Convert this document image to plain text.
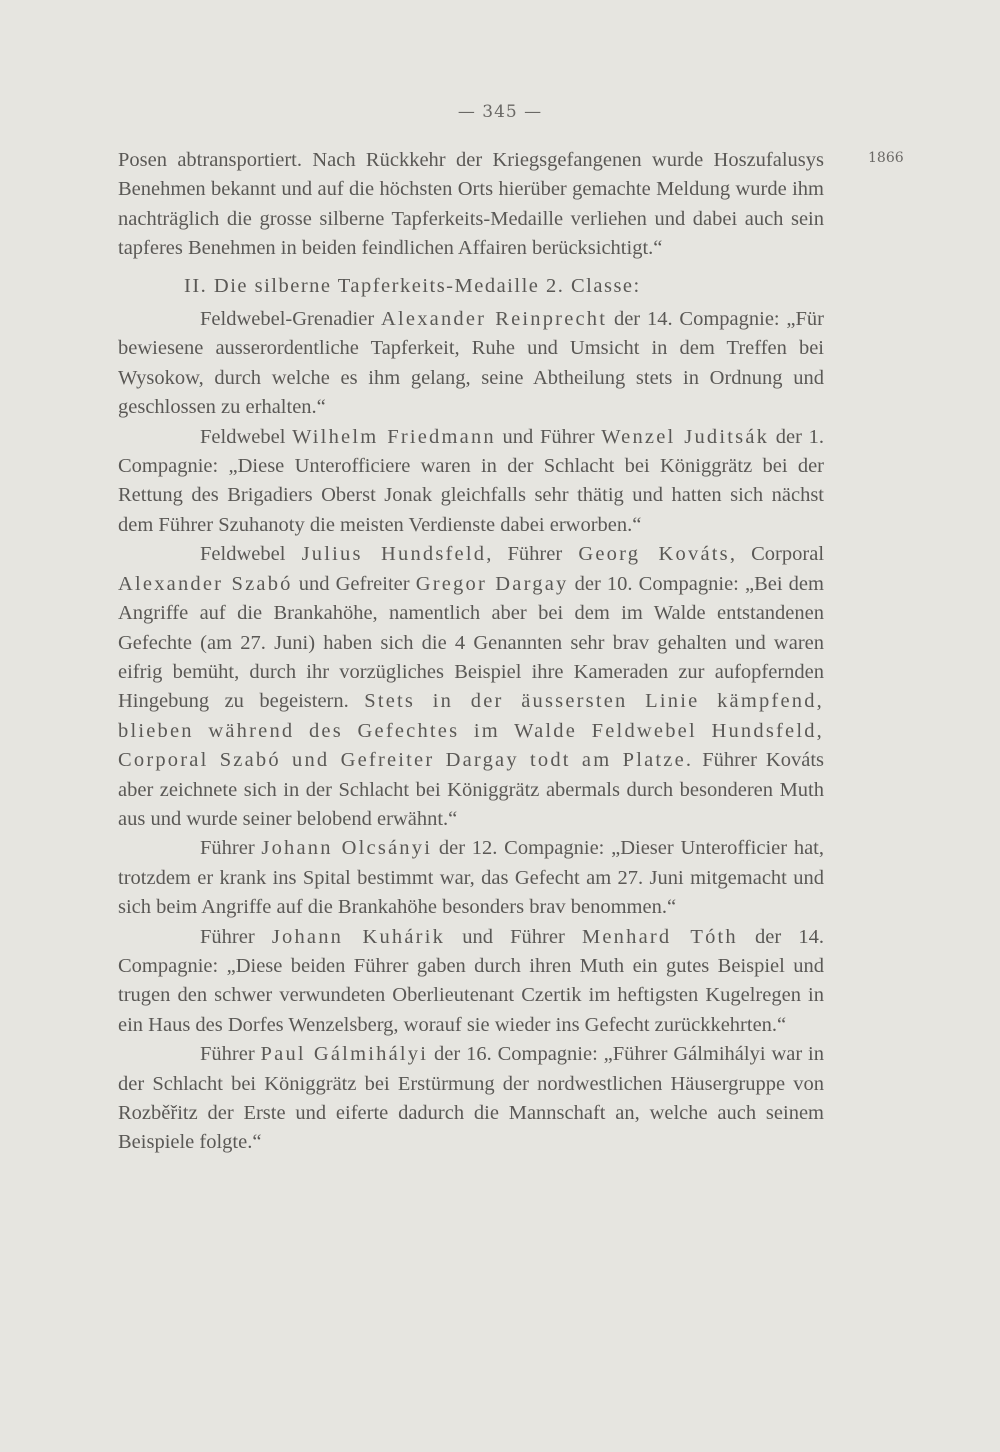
— 345 —
1866

Posen abtransportiert. Nach Rückkehr der Kriegsgefangenen wurde Hoszufalusys Benehmen bekannt und auf die höchsten Orts hierüber gemachte Meldung wurde ihm nachträglich die grosse silberne Tapferkeits-Medaille verliehen und dabei auch sein tapferes Benehmen in beiden feindlichen Affairen berücksichtigt.“

II. Die silberne Tapferkeits-Medaille 2. Classe:

Feldwebel-Grenadier Alexander Reinprecht der 14. Compagnie: „Für bewiesene ausserordentliche Tapferkeit, Ruhe und Umsicht in dem Treffen bei Wysokow, durch welche es ihm gelang, seine Abtheilung stets in Ordnung und geschlossen zu erhalten.“

Feldwebel Wilhelm Friedmann und Führer Wenzel Juditsák der 1. Compagnie: „Diese Unterofficiere waren in der Schlacht bei Königgrätz bei der Rettung des Brigadiers Oberst Jonak gleichfalls sehr thätig und hatten sich nächst dem Führer Szuhanoty die meisten Verdienste dabei erworben.“

Feldwebel Julius Hundsfeld, Führer Georg Kováts, Corporal Alexander Szabó und Gefreiter Gregor Dargay der 10. Compagnie: „Bei dem Angriffe auf die Brankahöhe, namentlich aber bei dem im Walde entstandenen Gefechte (am 27. Juni) haben sich die 4 Genannten sehr brav gehalten und waren eifrig bemüht, durch ihr vorzügliches Beispiel ihre Kameraden zur aufopfernden Hingebung zu begeistern. Stets in der äussersten Linie kämpfend, blieben während des Gefechtes im Walde Feldwebel Hundsfeld, Corporal Szabó und Gefreiter Dargay todt am Platze. Führer Kováts aber zeichnete sich in der Schlacht bei Königgrätz abermals durch besonderen Muth aus und wurde seiner belobend erwähnt.“

Führer Johann Olcsányi der 12. Compagnie: „Dieser Unterofficier hat, trotzdem er krank ins Spital bestimmt war, das Gefecht am 27. Juni mitgemacht und sich beim Angriffe auf die Brankahöhe besonders brav benommen.“

Führer Johann Kuhárik und Führer Menhard Tóth der 14. Compagnie: „Diese beiden Führer gaben durch ihren Muth ein gutes Beispiel und trugen den schwer verwundeten Oberlieutenant Czertik im heftigsten Kugelregen in ein Haus des Dorfes Wenzelsberg, worauf sie wieder ins Gefecht zurückkehrten.“

Führer Paul Gálmihályi der 16. Compagnie: „Führer Gálmihályi war in der Schlacht bei Königgrätz bei Erstürmung der nordwestlichen Häusergruppe von Rozběřitz der Erste und eiferte dadurch die Mannschaft an, welche auch seinem Beispiele folgte.“
